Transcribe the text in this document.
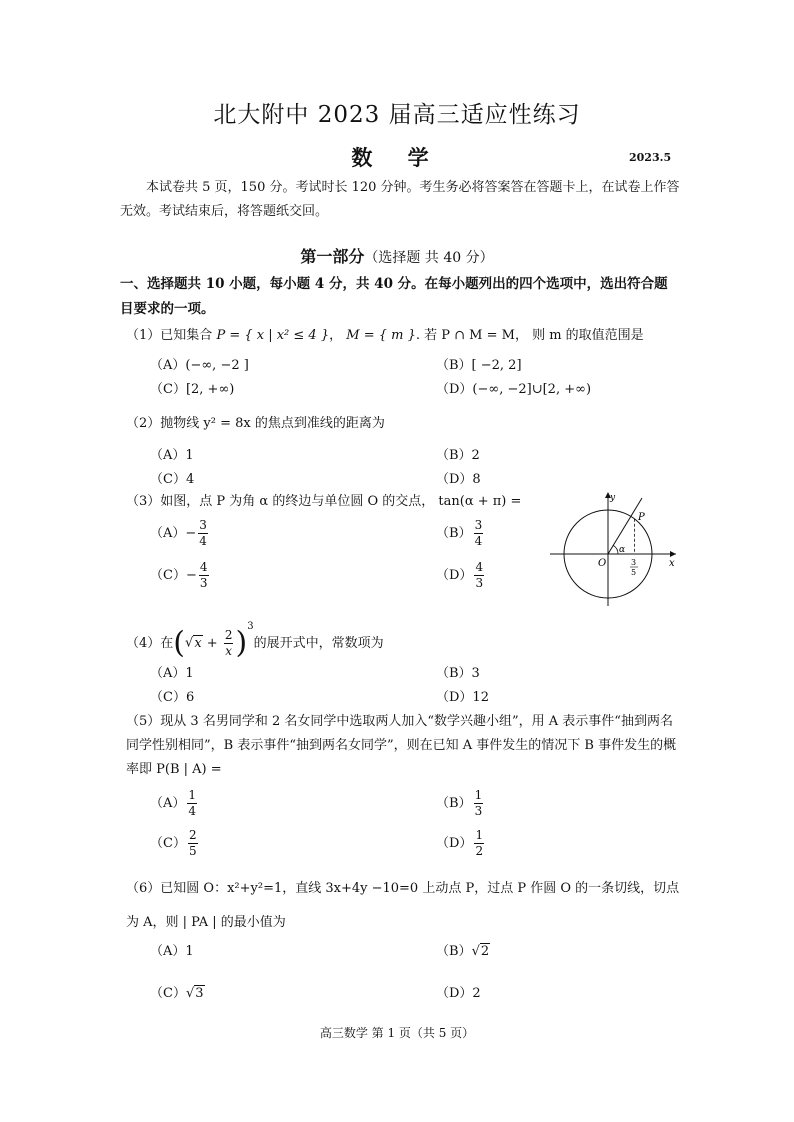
北大附中 2023 届高三适应性练习
数 学	2023.5
本试卷共 5 页，150 分。考试时长 120 分钟。考生务必将答案答在答题卡上，在试卷上作答无效。考试结束后，将答题纸交回。
第一部分（选择题 共 40 分）
一、选择题共 10 小题，每小题 4 分，共 40 分。在每小题列出的四个选项中，选出符合题目要求的一项。
（1）已知集合 P = { x | x² ≤ 4 }， M = { m }. 若 P ∩ M = M， 则 m 的取值范围是
（A）(−∞, −2 ]	（B）[ −2, 2]
（C）[2, +∞)	（D）(−∞, −2]∪[2, +∞)
（2）抛物线 y² = 8x 的焦点到准线的距离为
（A）1	（B）2
（C）4	（D）8
（3）如图，点 P 为角 α 的终边与单位圆 O 的交点， tan(α + π) =
$(A)- \frac{3}{4}$	$(B) \frac{3}{4}$
$(C)- \frac{4}{3}$	$(D) \frac{4}{3}$
y
x
O
P
α
3
5
（4）在$(√x + \frac{2}{x} )^3$的展开式中，常数项为
（A）1	（B）3
（C）6	（D）12
（5）现从 3 名男同学和 2 名女同学中选取两人加入“数学兴趣小组”，用 A 表示事件“抽到两名同学性别相同”，B 表示事件“抽到两名女同学”，则在已知 A 事件发生的情况下 B 事件发生的概率即 P(B | A) =
$(A) \frac{1}{4}$	$(B) \frac{1}{3}$
$(C) \frac{2}{5}$	$(D) \frac{1}{2}$
（6）已知圆 O：x²+y²=1，直线 3x+4y −10=0 上动点 P，过点 P 作圆 O 的一条切线，切点为 A，则 | PA | 的最小值为
（A）1	（B）√2
（C）√3	（D）2
高三数学 第 1 页（共 5 页）
